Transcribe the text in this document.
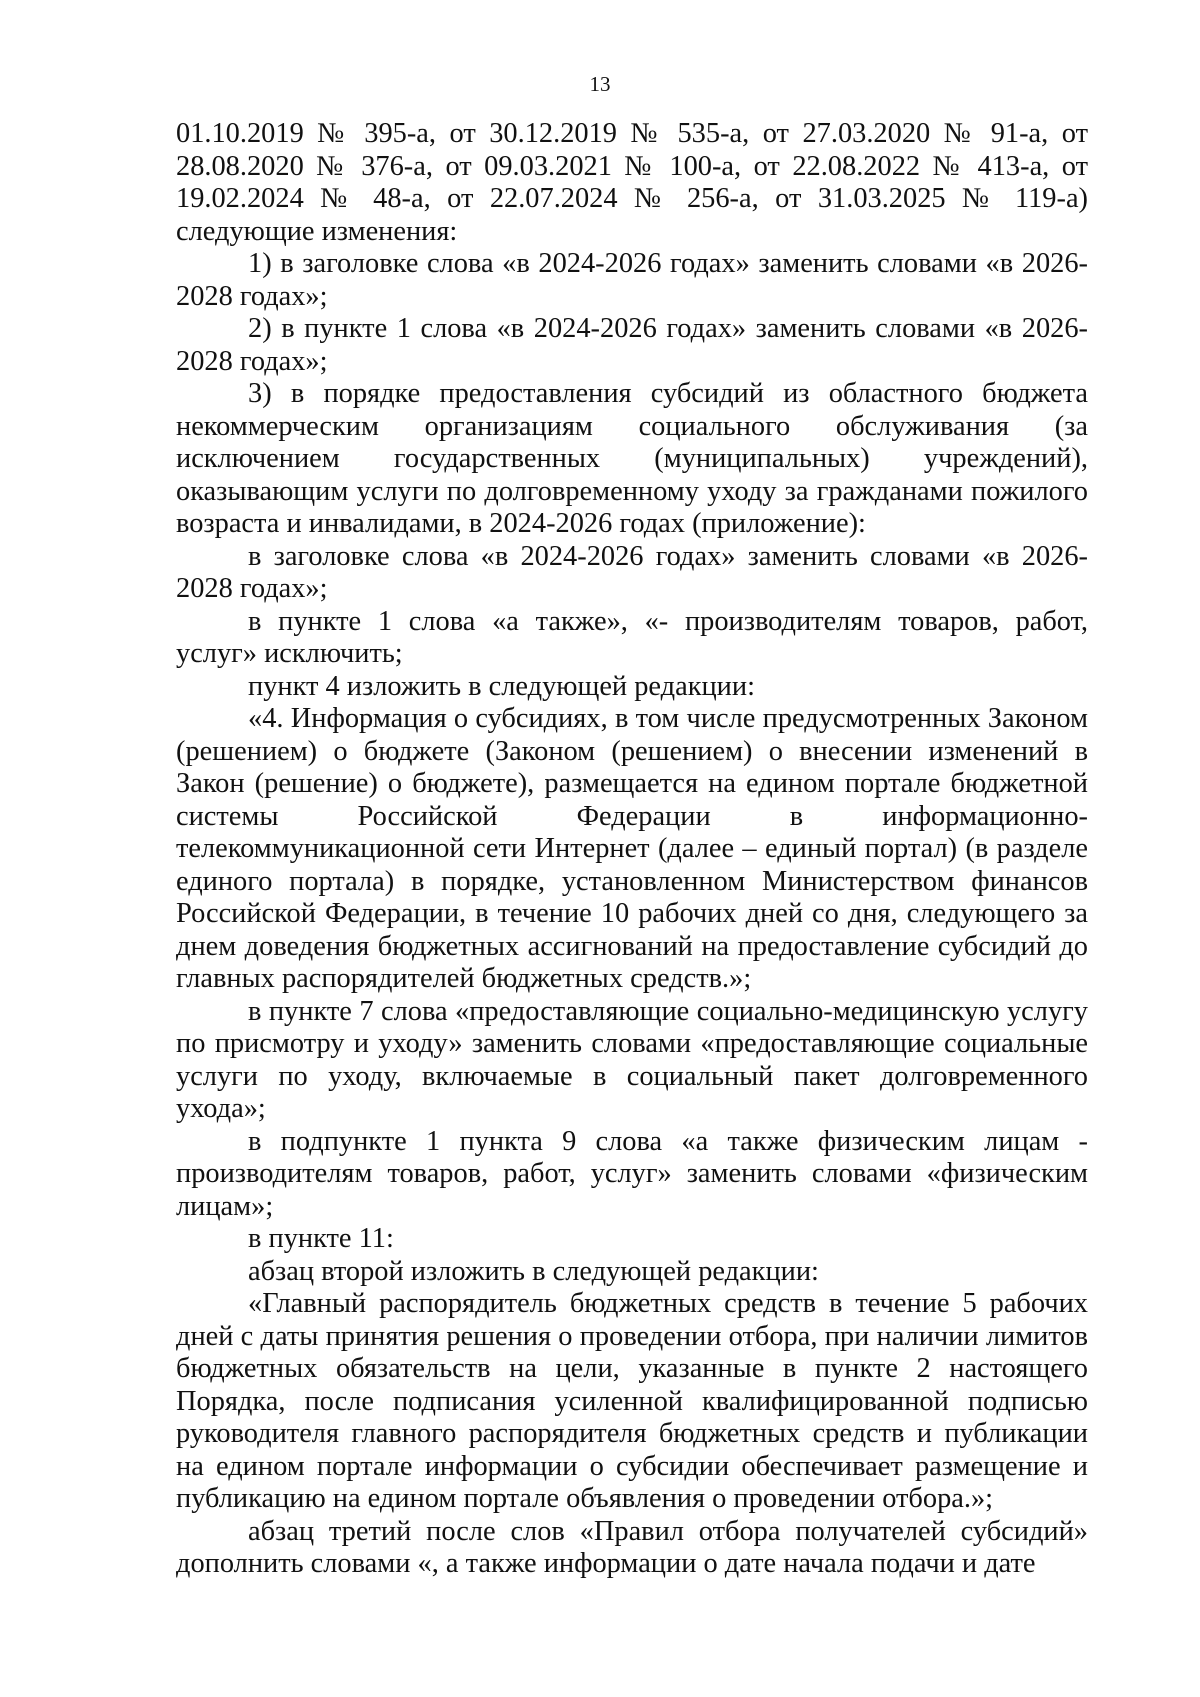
13

01.10.2019 № 395-а, от 30.12.2019 № 535-а, от 27.03.2020 № 91-а, от 28.08.2020 № 376-а, от 09.03.2021 № 100-а, от 22.08.2022 № 413-а, от 19.02.2024 № 48-а, от 22.07.2024 № 256-а, от 31.03.2025 № 119-а) следующие изменения:

1) в заголовке слова «в 2024-2026 годах» заменить словами «в 2026-2028 годах»;

2) в пункте 1 слова «в 2024-2026 годах» заменить словами «в 2026-2028 годах»;

3) в порядке предоставления субсидий из областного бюджета некоммерческим организациям социального обслуживания (за исключением государственных (муниципальных) учреждений), оказывающим услуги по долговременному уходу за гражданами пожилого возраста и инвалидами, в 2024-2026 годах (приложение):

в заголовке слова «в 2024-2026 годах» заменить словами «в 2026-2028 годах»;

в пункте 1 слова «а также», «- производителям товаров, работ, услуг» исключить;

пункт 4 изложить в следующей редакции:

«4. Информация о субсидиях, в том числе предусмотренных Законом (решением) о бюджете (Законом (решением) о внесении изменений в Закон (решение) о бюджете), размещается на едином портале бюджетной системы Российской Федерации в информационно-телекоммуникационной сети Интернет (далее – единый портал) (в разделе единого портала) в порядке, установленном Министерством финансов Российской Федерации, в течение 10 рабочих дней со дня, следующего за днем доведения бюджетных ассигнований на предоставление субсидий до главных распорядителей бюджетных средств.»;

в пункте 7 слова «предоставляющие социально-медицинскую услугу по присмотру и уходу» заменить словами «предоставляющие социальные услуги по уходу, включаемые в социальный пакет долговременного ухода»;

в подпункте 1 пункта 9 слова «а также физическим лицам - производителям товаров, работ, услуг» заменить словами «физическим лицам»;

в пункте 11:

абзац второй изложить в следующей редакции:

«Главный распорядитель бюджетных средств в течение 5 рабочих дней с даты принятия решения о проведении отбора, при наличии лимитов бюджетных обязательств на цели, указанные в пункте 2 настоящего Порядка, после подписания усиленной квалифицированной подписью руководителя главного распорядителя бюджетных средств и публикации на едином портале информации о субсидии обеспечивает размещение и публикацию на едином портале объявления о проведении отбора.»;

абзац третий после слов «Правил отбора получателей субсидий» дополнить словами «, а также информации о дате начала подачи и дате
